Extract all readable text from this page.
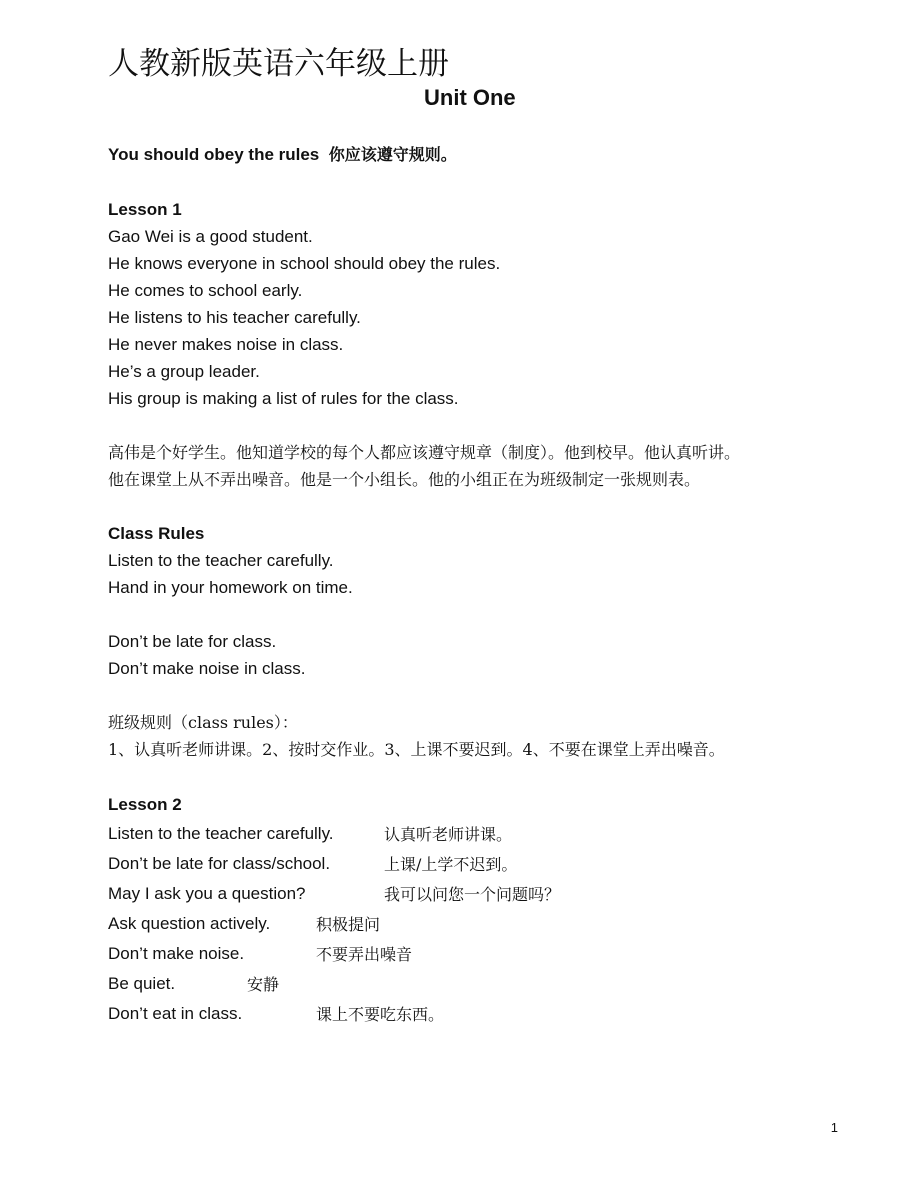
人教新版英语六年级上册
Unit One
You should obey the rules 你应该遵守规则。
Lesson 1
Gao Wei is a good student.
He knows everyone in school should obey the rules.
He comes to school early.
He listens to his teacher carefully.
He never makes noise in class.
He’s a group leader.
His group is making a list of rules for the class.
高伟是个好学生。他知道学校的每个人都应该遵守规章（制度）。他到校早。他认真听讲。
他在课堂上从不弄出噪音。他是一个小组长。他的小组正在为班级制定一张规则表。
Class Rules
Listen to the teacher carefully.
Hand in your homework on time.
Don’t be late for class.
Don’t make noise in class.
班级规则（class rules）：
1、认真听老师讲课。2、按时交作业。3、上课不要迟到。4、不要在课堂上弄出噪音。
Lesson 2
Listen to the teacher carefully.	认真听老师讲课。
Don’t be late for class/school.	上课/上学不迟到。
May I ask you a question?	我可以问您一个问题吗？
Ask question actively.	积极提问
Don’t make noise.	不要弄出噪音
Be quiet.	安静
Don’t eat in class.	课上不要吃东西。
1
